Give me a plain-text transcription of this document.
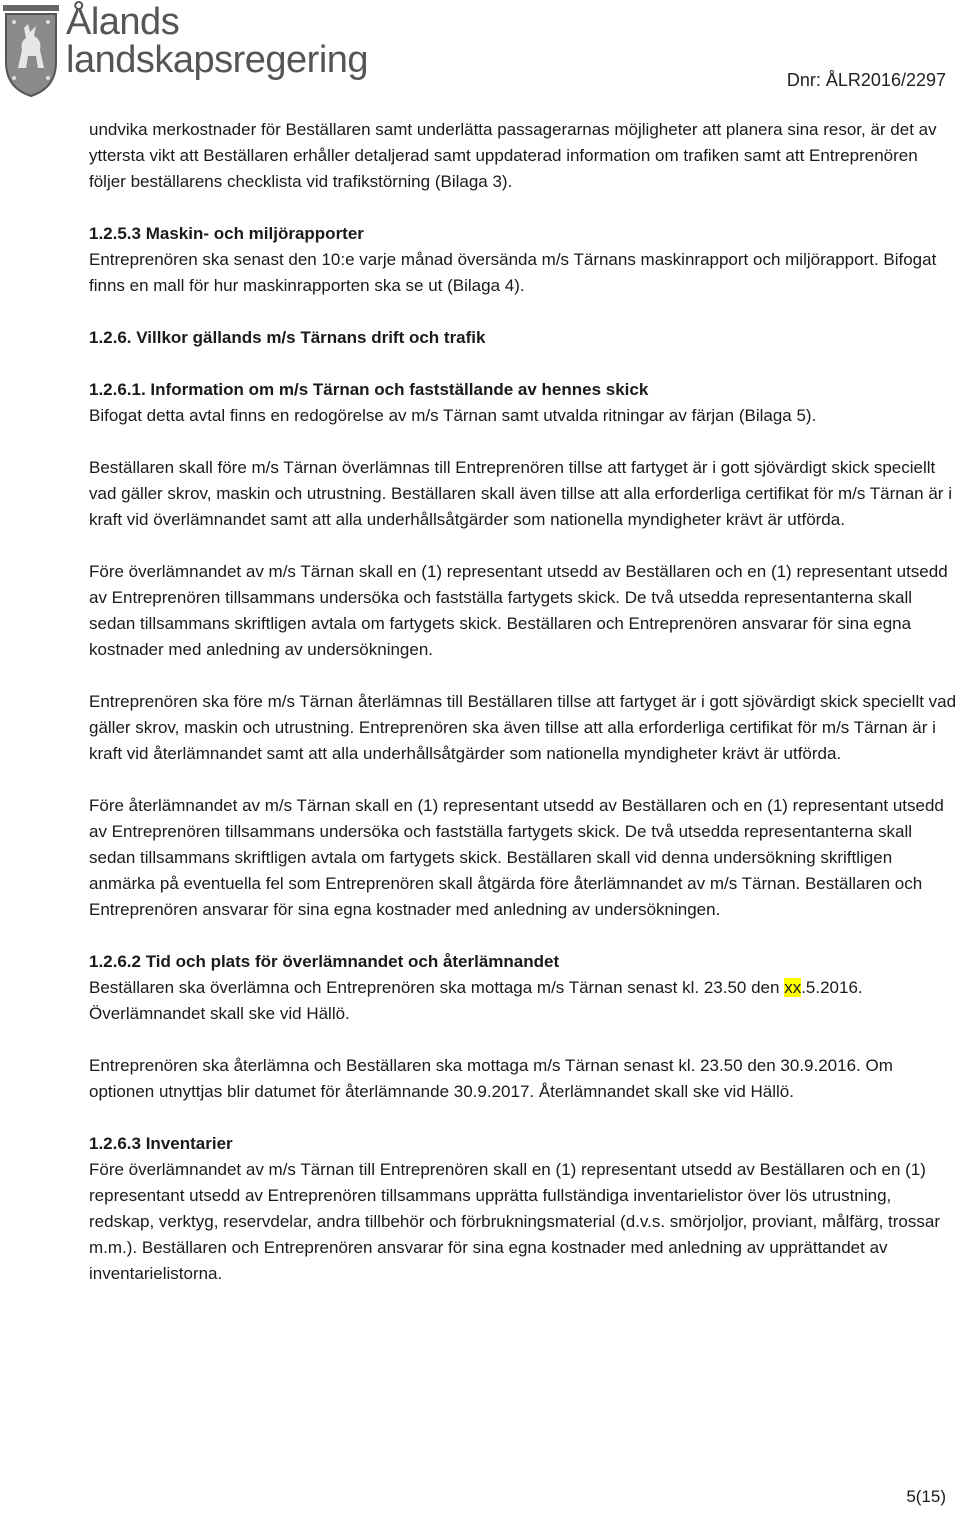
Ålands
landskapsregering	Dnr: ÅLR2016/2297

undvika merkostnader för Beställaren samt underlätta passagerarnas möjligheter att planera sina resor, är det av yttersta vikt att Beställaren erhåller detaljerad samt uppdaterad information om trafiken samt att Entreprenören följer beställarens checklista vid trafikstörning (Bilaga 3).

1.2.5.3 Maskin- och miljörapporter

Entreprenören ska senast den 10:e varje månad översända m/s Tärnans maskinrapport och miljörapport. Bifogat finns en mall för hur maskinrapporten ska se ut (Bilaga 4).

1.2.6. Villkor gällands m/s Tärnans drift och trafik

1.2.6.1. Information om m/s Tärnan och fastställande av hennes skick

Bifogat detta avtal finns en redogörelse av m/s Tärnan samt utvalda ritningar av färjan (Bilaga 5).

Beställaren skall före m/s Tärnan överlämnas till Entreprenören tillse att fartyget är i gott sjövärdigt skick speciellt vad gäller skrov, maskin och utrustning. Beställaren skall även tillse att alla erforderliga certifikat för m/s Tärnan är i kraft vid överlämnandet samt att alla underhållsåtgärder som nationella myndigheter krävt är utförda.

Före överlämnandet av m/s Tärnan skall en (1) representant utsedd av Beställaren och en (1) representant utsedd av Entreprenören tillsammans undersöka och fastställa fartygets skick. De två utsedda representanterna skall sedan tillsammans skriftligen avtala om fartygets skick. Beställaren och Entreprenören ansvarar för sina egna kostnader med anledning av undersökningen.

Entreprenören ska före m/s Tärnan återlämnas till Beställaren tillse att fartyget är i gott sjövärdigt skick speciellt vad gäller skrov, maskin och utrustning. Entreprenören ska även tillse att alla erforderliga certifikat för m/s Tärnan är i kraft vid återlämnandet samt att alla underhållsåtgärder som nationella myndigheter krävt är utförda.

Före återlämnandet av m/s Tärnan skall en (1) representant utsedd av Beställaren och en (1) representant utsedd av Entreprenören tillsammans undersöka och fastställa fartygets skick. De två utsedda representanterna skall sedan tillsammans skriftligen avtala om fartygets skick. Beställaren skall vid denna undersökning skriftligen anmärka på eventuella fel som Entreprenören skall åtgärda före återlämnandet av m/s Tärnan. Beställaren och Entreprenören ansvarar för sina egna kostnader med anledning av undersökningen.

1.2.6.2 Tid och plats för överlämnandet och återlämnandet

Beställaren ska överlämna och Entreprenören ska mottaga m/s Tärnan senast kl. 23.50 den xx.5.2016. Överlämnandet skall ske vid Hällö.

Entreprenören ska återlämna och Beställaren ska mottaga m/s Tärnan senast kl. 23.50 den 30.9.2016. Om optionen utnyttjas blir datumet för återlämnande 30.9.2017. Återlämnandet skall ske vid Hällö.

1.2.6.3 Inventarier

Före överlämnandet av m/s Tärnan till Entreprenören skall en (1) representant utsedd av Beställaren och en (1) representant utsedd av Entreprenören tillsammans upprätta fullständiga inventarielistor över lös utrustning, redskap, verktyg, reservdelar, andra tillbehör och förbrukningsmaterial (d.v.s. smörjoljor, proviant, målfärg, trossar m.m.). Beställaren och Entreprenören ansvarar för sina egna kostnader med anledning av upprättandet av inventarielistorna.

5(15)
